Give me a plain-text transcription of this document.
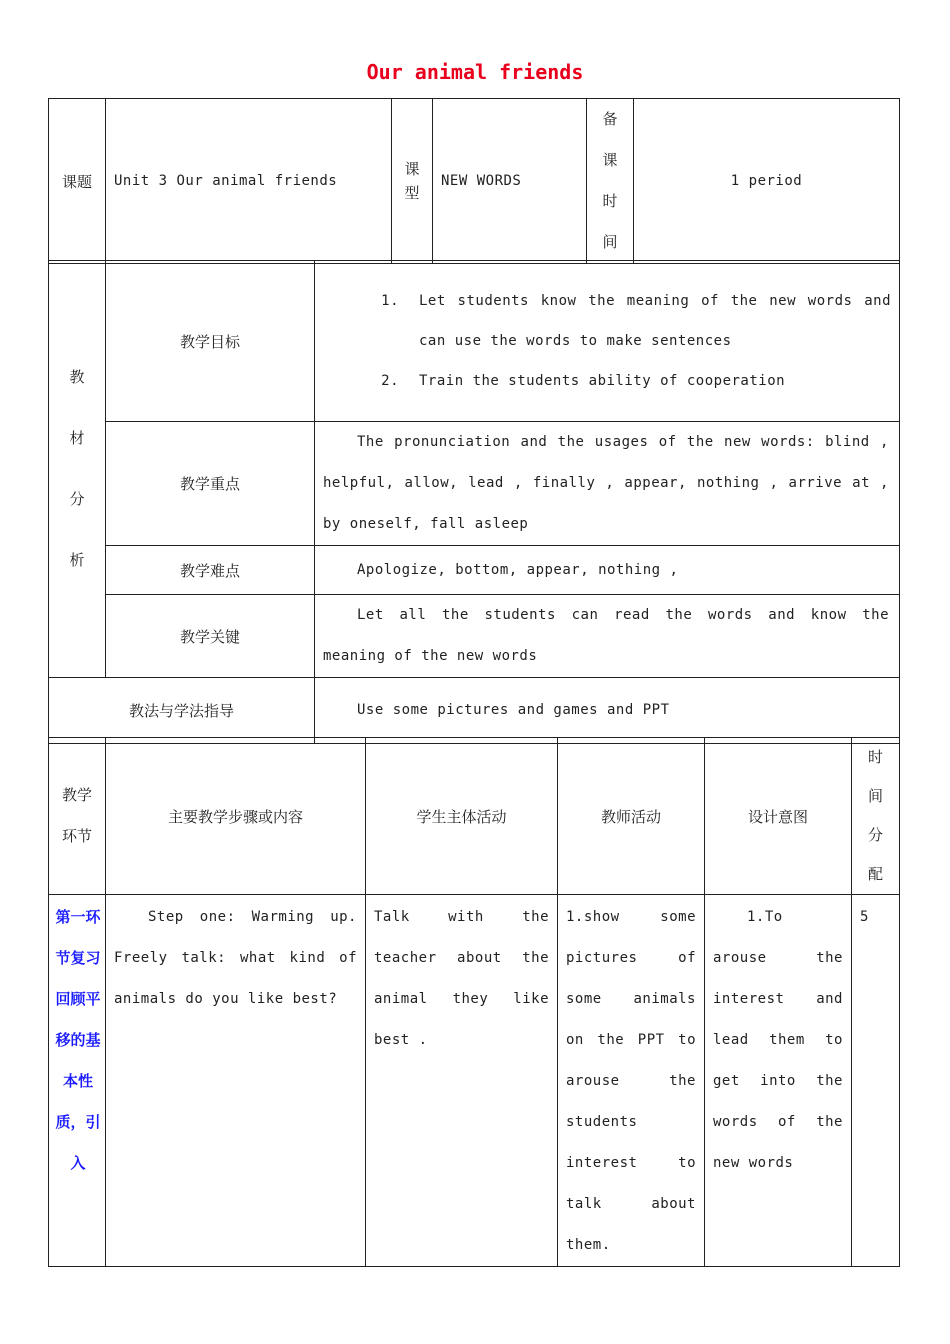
Our animal friends
课题	Unit 3 Our animal friends	课型	NEW WORDS	备课时间	1 period
教材分析	教学目标	1. Let students know the meaning of the new words and can use the words to make sentences
2. Train the students ability of cooperation

	教学重点	The pronunciation and the usages of the new words: blind , helpful, allow, lead , finally , appear, nothing , arrive at , by oneself, fall asleep
	教学难点	Apologize, bottom, appear, nothing ,
	教学关键	Let all the students can read the words and know the meaning of the new words
教法与学法指导		Use some pictures and games and PPT
教学环节	主要教学步骤或内容	学生主体活动	教师活动	设计意图	时间分配
第一环节复习回顾平移的基本性质，引入	Step one: Warming up. Freely talk: what kind of animals do you like best?	Talk with the teacher about the animal they like best .	1.show some pictures of some animals on the PPT to arouse the students interest to talk about them.	1.To arouse the interest and lead them to get into the words of the new words	5
